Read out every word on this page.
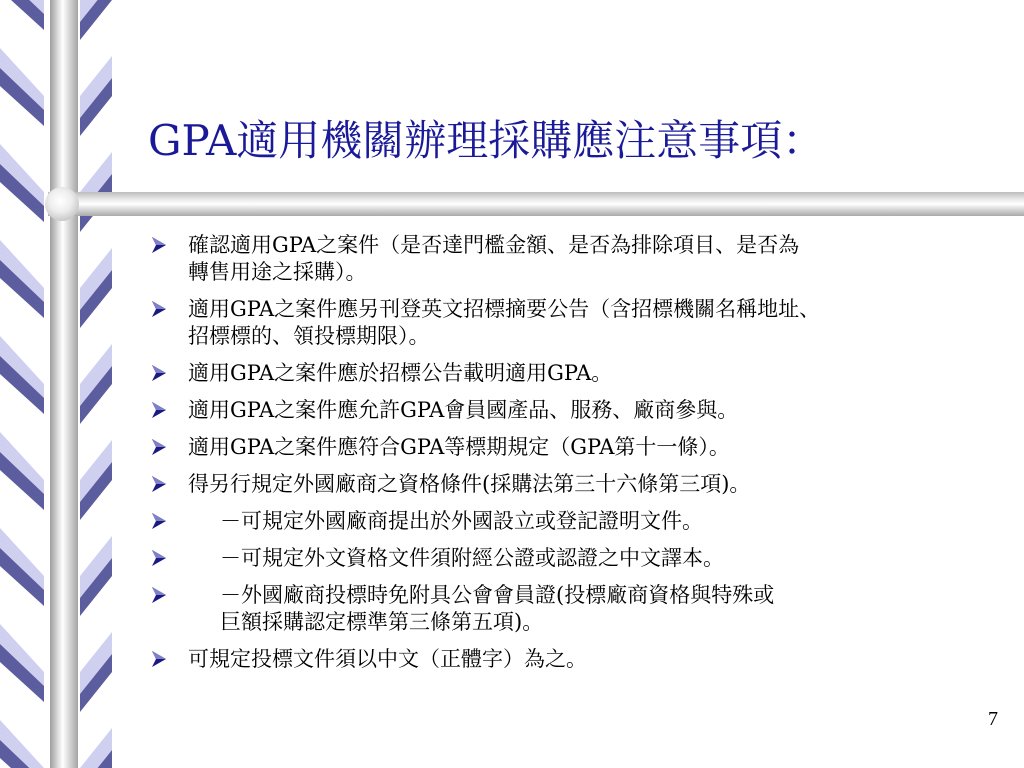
GPA適用機關辦理採購應注意事項：
確認適用GPA之案件（是否達門檻金額、是否為排除項目、是否為
轉售用途之採購）。
適用GPA之案件應另刊登英文招標摘要公告（含招標機關名稱地址、
招標標的、領投標期限）。
適用GPA之案件應於招標公告載明適用GPA。
適用GPA之案件應允許GPA會員國產品、服務、廠商參與。
適用GPA之案件應符合GPA等標期規定（GPA第十一條）。
得另行規定外國廠商之資格條件(採購法第三十六條第三項)。
－可規定外國廠商提出於外國設立或登記證明文件。
－可規定外文資格文件須附經公證或認證之中文譯本。
－外國廠商投標時免附具公會會員證(投標廠商資格與特殊或
巨額採購認定標準第三條第五項)。
可規定投標文件須以中文（正體字）為之。
7
